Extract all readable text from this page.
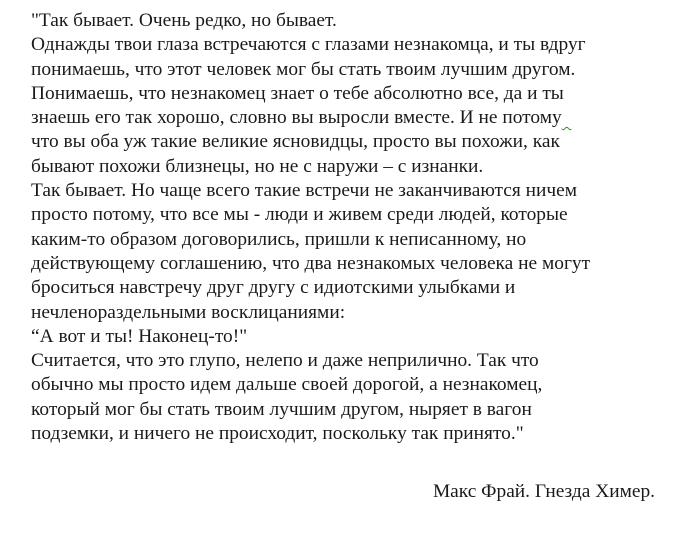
"Так бывает. Очень редко, но бывает.
Однажды твои глаза встречаются с глазами незнакомца, и ты вдруг
понимаешь, что этот человек мог бы стать твоим лучшим другом.
Понимаешь, что незнакомец знает о тебе абсолютно все, да и ты
знаешь его так хорошо, словно вы выросли вместе. И не потому
что вы оба уж такие великие ясновидцы, просто вы похожи, как
бывают похожи близнецы, но не с наружи – с изнанки.
Так бывает. Но чаще всего такие встречи не заканчиваются ничем
просто потому, что все мы - люди и живем среди людей, которые
каким-то образом договорились, пришли к неписанному, но
действующему соглашению, что два незнакомых человека не могут
броситься навстречу друг другу с идиотскими улыбками и
нечленораздельными восклицаниями:
“А вот и ты! Наконец-то!"
Считается, что это глупо, нелепо и даже неприлично. Так что
обычно мы просто идем дальше своей дорогой, а незнакомец,
который мог бы стать твоим лучшим другом, ныряет в вагон
подземки, и ничего не происходит, поскольку так принято."
Макс Фрай. Гнезда Химер.
